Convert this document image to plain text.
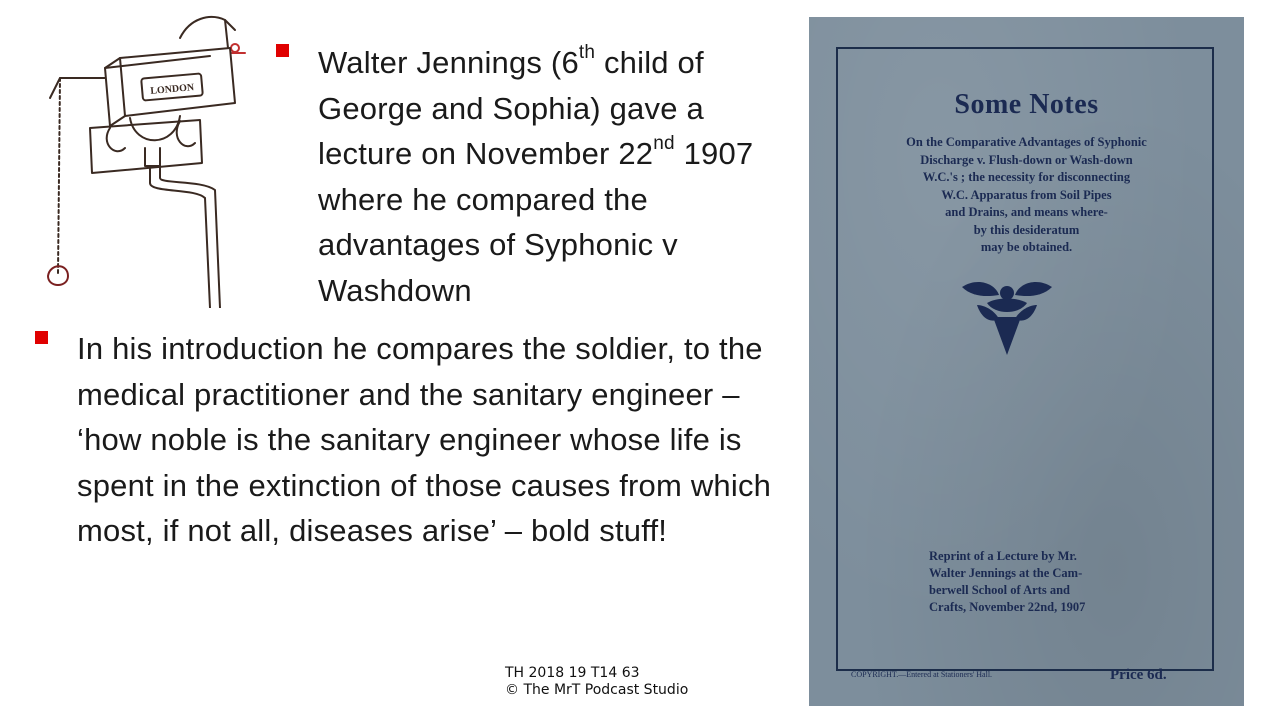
LONDON
Walter Jennings (6th child of George and Sophia) gave a lecture on November 22nd 1907 where he compared the advantages of Syphonic v Washdown
In his introduction he compares the soldier, to the medical practitioner and the sanitary engineer – ‘how noble is the sanitary engineer whose life is spent in the extinction of those causes from which most, if not all, diseases arise’ – bold stuff!
TH 2018 19 T14 63
© The MrT Podcast Studio
Some Notes
On the Comparative Advantages of Syphonic
Discharge v. Flush-down or Wash-down
W.C.'s ; the necessity for disconnecting
W.C. Apparatus from Soil Pipes
and Drains, and means where-
by this desideratum
may be obtained.
Reprint of a Lecture by Mr.
Walter Jennings at the Cam-
berwell School of Arts and
Crafts, November 22nd, 1907
COPYRIGHT.—Entered at Stationers' Hall.	Price 6d.
